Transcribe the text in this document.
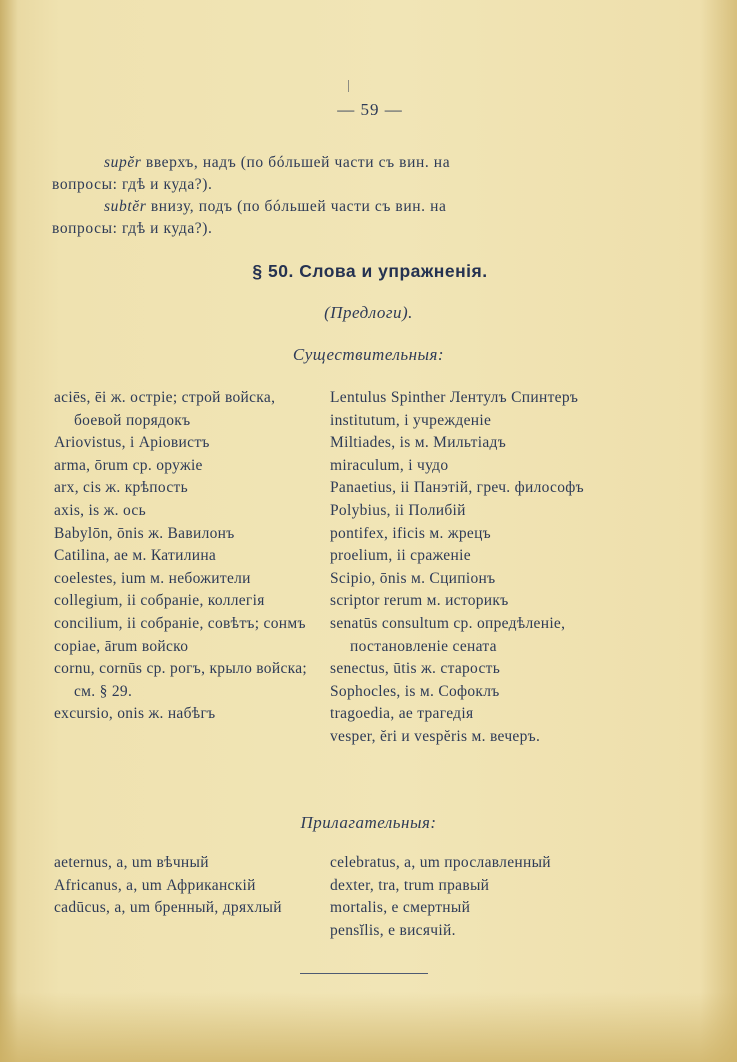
— 59 —
supĕr вверхъ, надъ (по бóльшей части съ вин. на
вопросы: гдѣ и куда?).
subtĕr внизу, подъ (по бóльшей части съ вин. на
вопросы: гдѣ и куда?).
§ 50. Слова и упражненія.
(Предлоги).
Существительныя:
aciēs, ēi ж. остріе; строй войска, боевой порядокъ
Ariovistus, i Аріовистъ
arma, ōrum ср. оружіе
arx, cis ж. крѣпость
axis, is ж. ось
Babylōn, ōnis ж. Вавилонъ
Catilina, ae м. Катилина
coelestes, ium м. небожители
collegium, ii собраніе, коллегія
concilium, ii собраніе, совѣтъ; сонмъ
copiae, ārum войско
cornu, cornūs ср. рогъ, крыло войска; см. § 29.
excursio, onis ж. набѣгъ
Lentulus Spinther Лентулъ Спинтеръ
institutum, i учрежденіе
Miltiades, is м. Мильтіадъ
miraculum, i чудо
Panaetius, ii Панэтій, греч. философъ
Polybius, ii Полибій
pontifex, ificis м. жрецъ
proelium, ii сраженіе
Scipio, ōnis м. Сципіонъ
scriptor rerum м. историкъ
senatūs consultum ср. опредѣленіе, постановленіе сената
senectus, ūtis ж. старость
Sophocles, is м. Софоклъ
tragoedia, ae трагедія
vesper, ĕri и vespĕris м. вечеръ.
Прилагательныя:
aeternus, a, um вѣчный
Africanus, a, um Африканскій
cadūcus, a, um бренный, дряхлый
celebratus, a, um прославленный
dexter, tra, trum правый
mortalis, e смертный
pensĭlis, e висячій.
